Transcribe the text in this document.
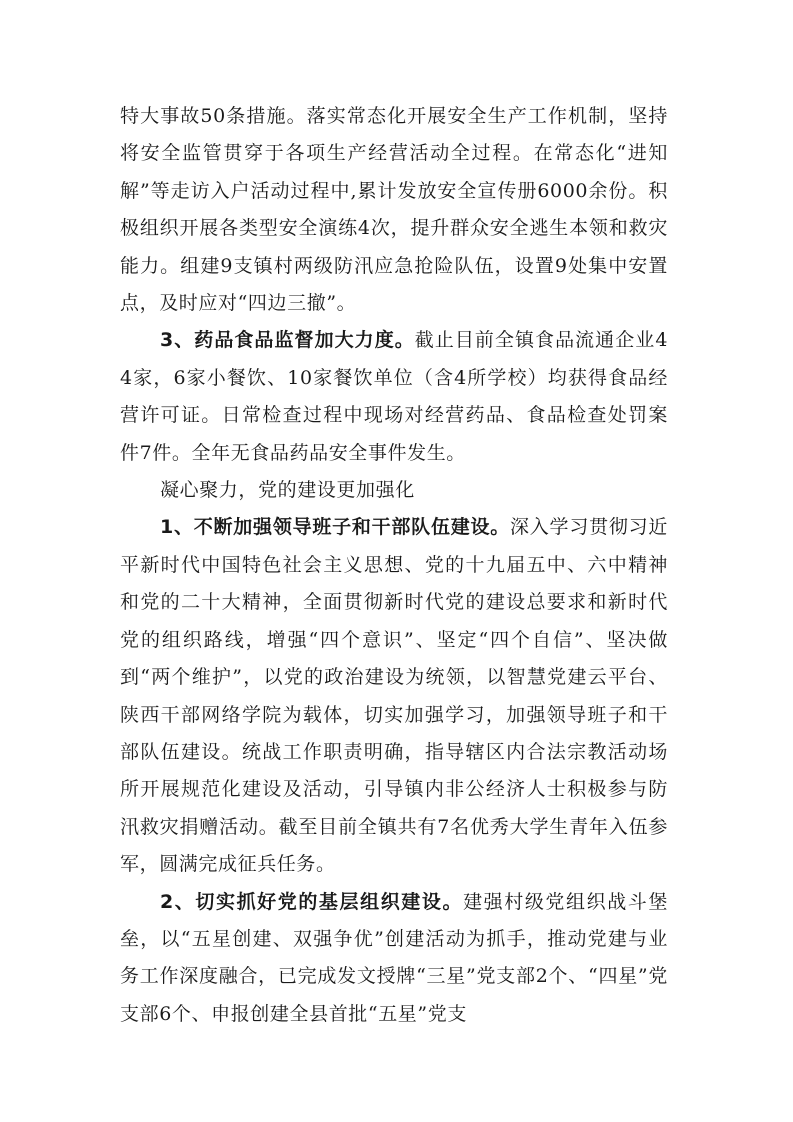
特大事故50条措施。落实常态化开展安全生产工作机制，坚持将安全监管贯穿于各项生产经营活动全过程。在常态化“进知解”等走访入户活动过程中,累计发放安全宣传册6000余份。积极组织开展各类型安全演练4次，提升群众安全逃生本领和救灾能力。组建9支镇村两级防汛应急抢险队伍，设置9处集中安置点，及时应对“四边三撤”。

3、药品食品监督加大力度。截止目前全镇食品流通企业44家，6家小餐饮、10家餐饮单位（含4所学校）均获得食品经营许可证。日常检查过程中现场对经营药品、食品检查处罚案件7件。全年无食品药品安全事件发生。

凝心聚力，党的建设更加强化

1、不断加强领导班子和干部队伍建设。深入学习贯彻习近平新时代中国特色社会主义思想、党的十九届五中、六中精神和党的二十大精神，全面贯彻新时代党的建设总要求和新时代党的组织路线，增强“四个意识”、坚定“四个自信”、坚决做到“两个维护”，以党的政治建设为统领，以智慧党建云平台、陕西干部网络学院为载体，切实加强学习，加强领导班子和干部队伍建设。统战工作职责明确，指导辖区内合法宗教活动场所开展规范化建设及活动，引导镇内非公经济人士积极参与防汛救灾捐赠活动。截至目前全镇共有7名优秀大学生青年入伍参军，圆满完成征兵任务。

2、切实抓好党的基层组织建设。建强村级党组织战斗堡垒，以“五星创建、双强争优”创建活动为抓手，推动党建与业务工作深度融合，已完成发文授牌“三星”党支部2个、“四星”党支部6个、申报创建全县首批“五星”党支
